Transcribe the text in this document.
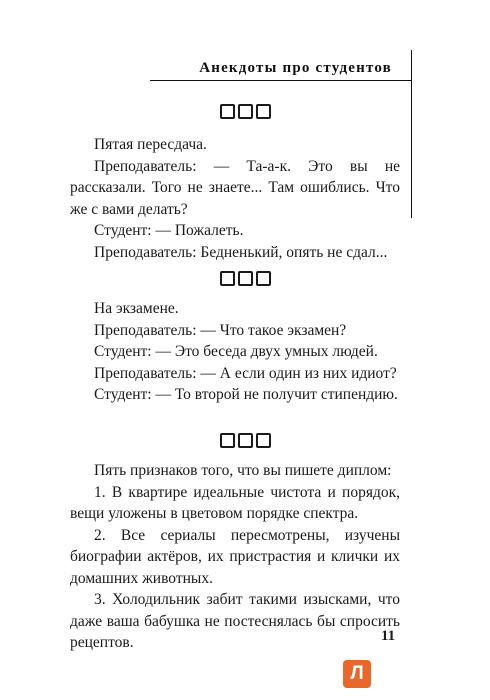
Анекдоты про студентов

Пятая пересдача.

Преподаватель: — Та-а-к. Это вы не рассказали. Того не знаете... Там ошиблись. Что же с вами делать?

Студент: — Пожалеть.

Преподаватель: Бедненький, опять не сдал...

На экзамене.

Преподаватель: — Что такое экзамен?

Студент: — Это беседа двух умных людей.

Преподаватель: — А если один из них идиот?

Студент: — То второй не получит стипендию.

Пять признаков того, что вы пишете диплом:

1. В квартире идеальные чистота и порядок, вещи уложены в цветовом порядке спектра.

2. Все сериалы пересмотрены, изучены биографии актёров, их пристрастия и клички их домашних животных.

3. Холодильник забит такими изысками, что даже ваша бабушка не постеснялась бы спросить рецептов.	11
Л
